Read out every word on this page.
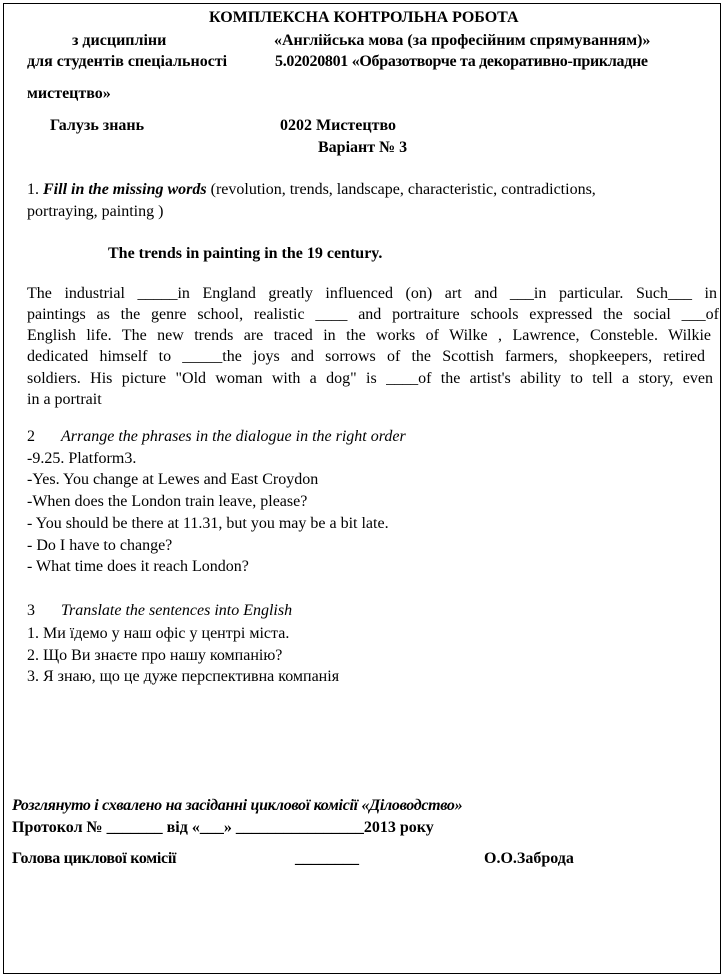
КОМПЛЕКСНА КОНТРОЛЬНА РОБОТА
з дисципліни	«Англійська мова (за професійним спрямуванням)»
для студентів спеціальності	5.02020801 «Образотворче та декоративно-прикладне
мистецтво»
Галузь знань	0202 Мистецтво
Варіант № 3
1. Fill in the missing words (revolution, trends, landscape, characteristic, contradictions,
portraying, painting )
The trends in painting in the 19 century.
The industrial _____in England greatly influenced (on) art and ___in particular. Such___ in
paintings as the genre school, realistic ____ and portraiture schools expressed the social ___of
English life. The new trends are traced in the works of Wilke , Lawrence, Consteble. Wilkie
dedicated himself to _____the joys and sorrows of the Scottish farmers, shopkeepers, retired
soldiers. His picture "Old woman with a dog" is ____of the artist's ability to tell a story, even
in a portrait
2 Arrange the phrases in the dialogue in the right order
-9.25. Platform3.
-Yes. You change at Lewes and East Croydon
-When does the London train leave, please?
- You should be there at 11.31, but you may be a bit late.
- Do I have to change?
- What time does it reach London?
3 Translate the sentences into English
1. Ми їдемо у наш офіс у центрі міста.
2. Що Ви знаєте про нашу компанію?
3. Я знаю, що це дуже перспективна компанія
Розглянуто і схвалено на засіданні циклової комісії «Діловодство»
Протокол № _______ від «___» ________________2013 року
Голова циклової комісії	________	О.О.Заброда
